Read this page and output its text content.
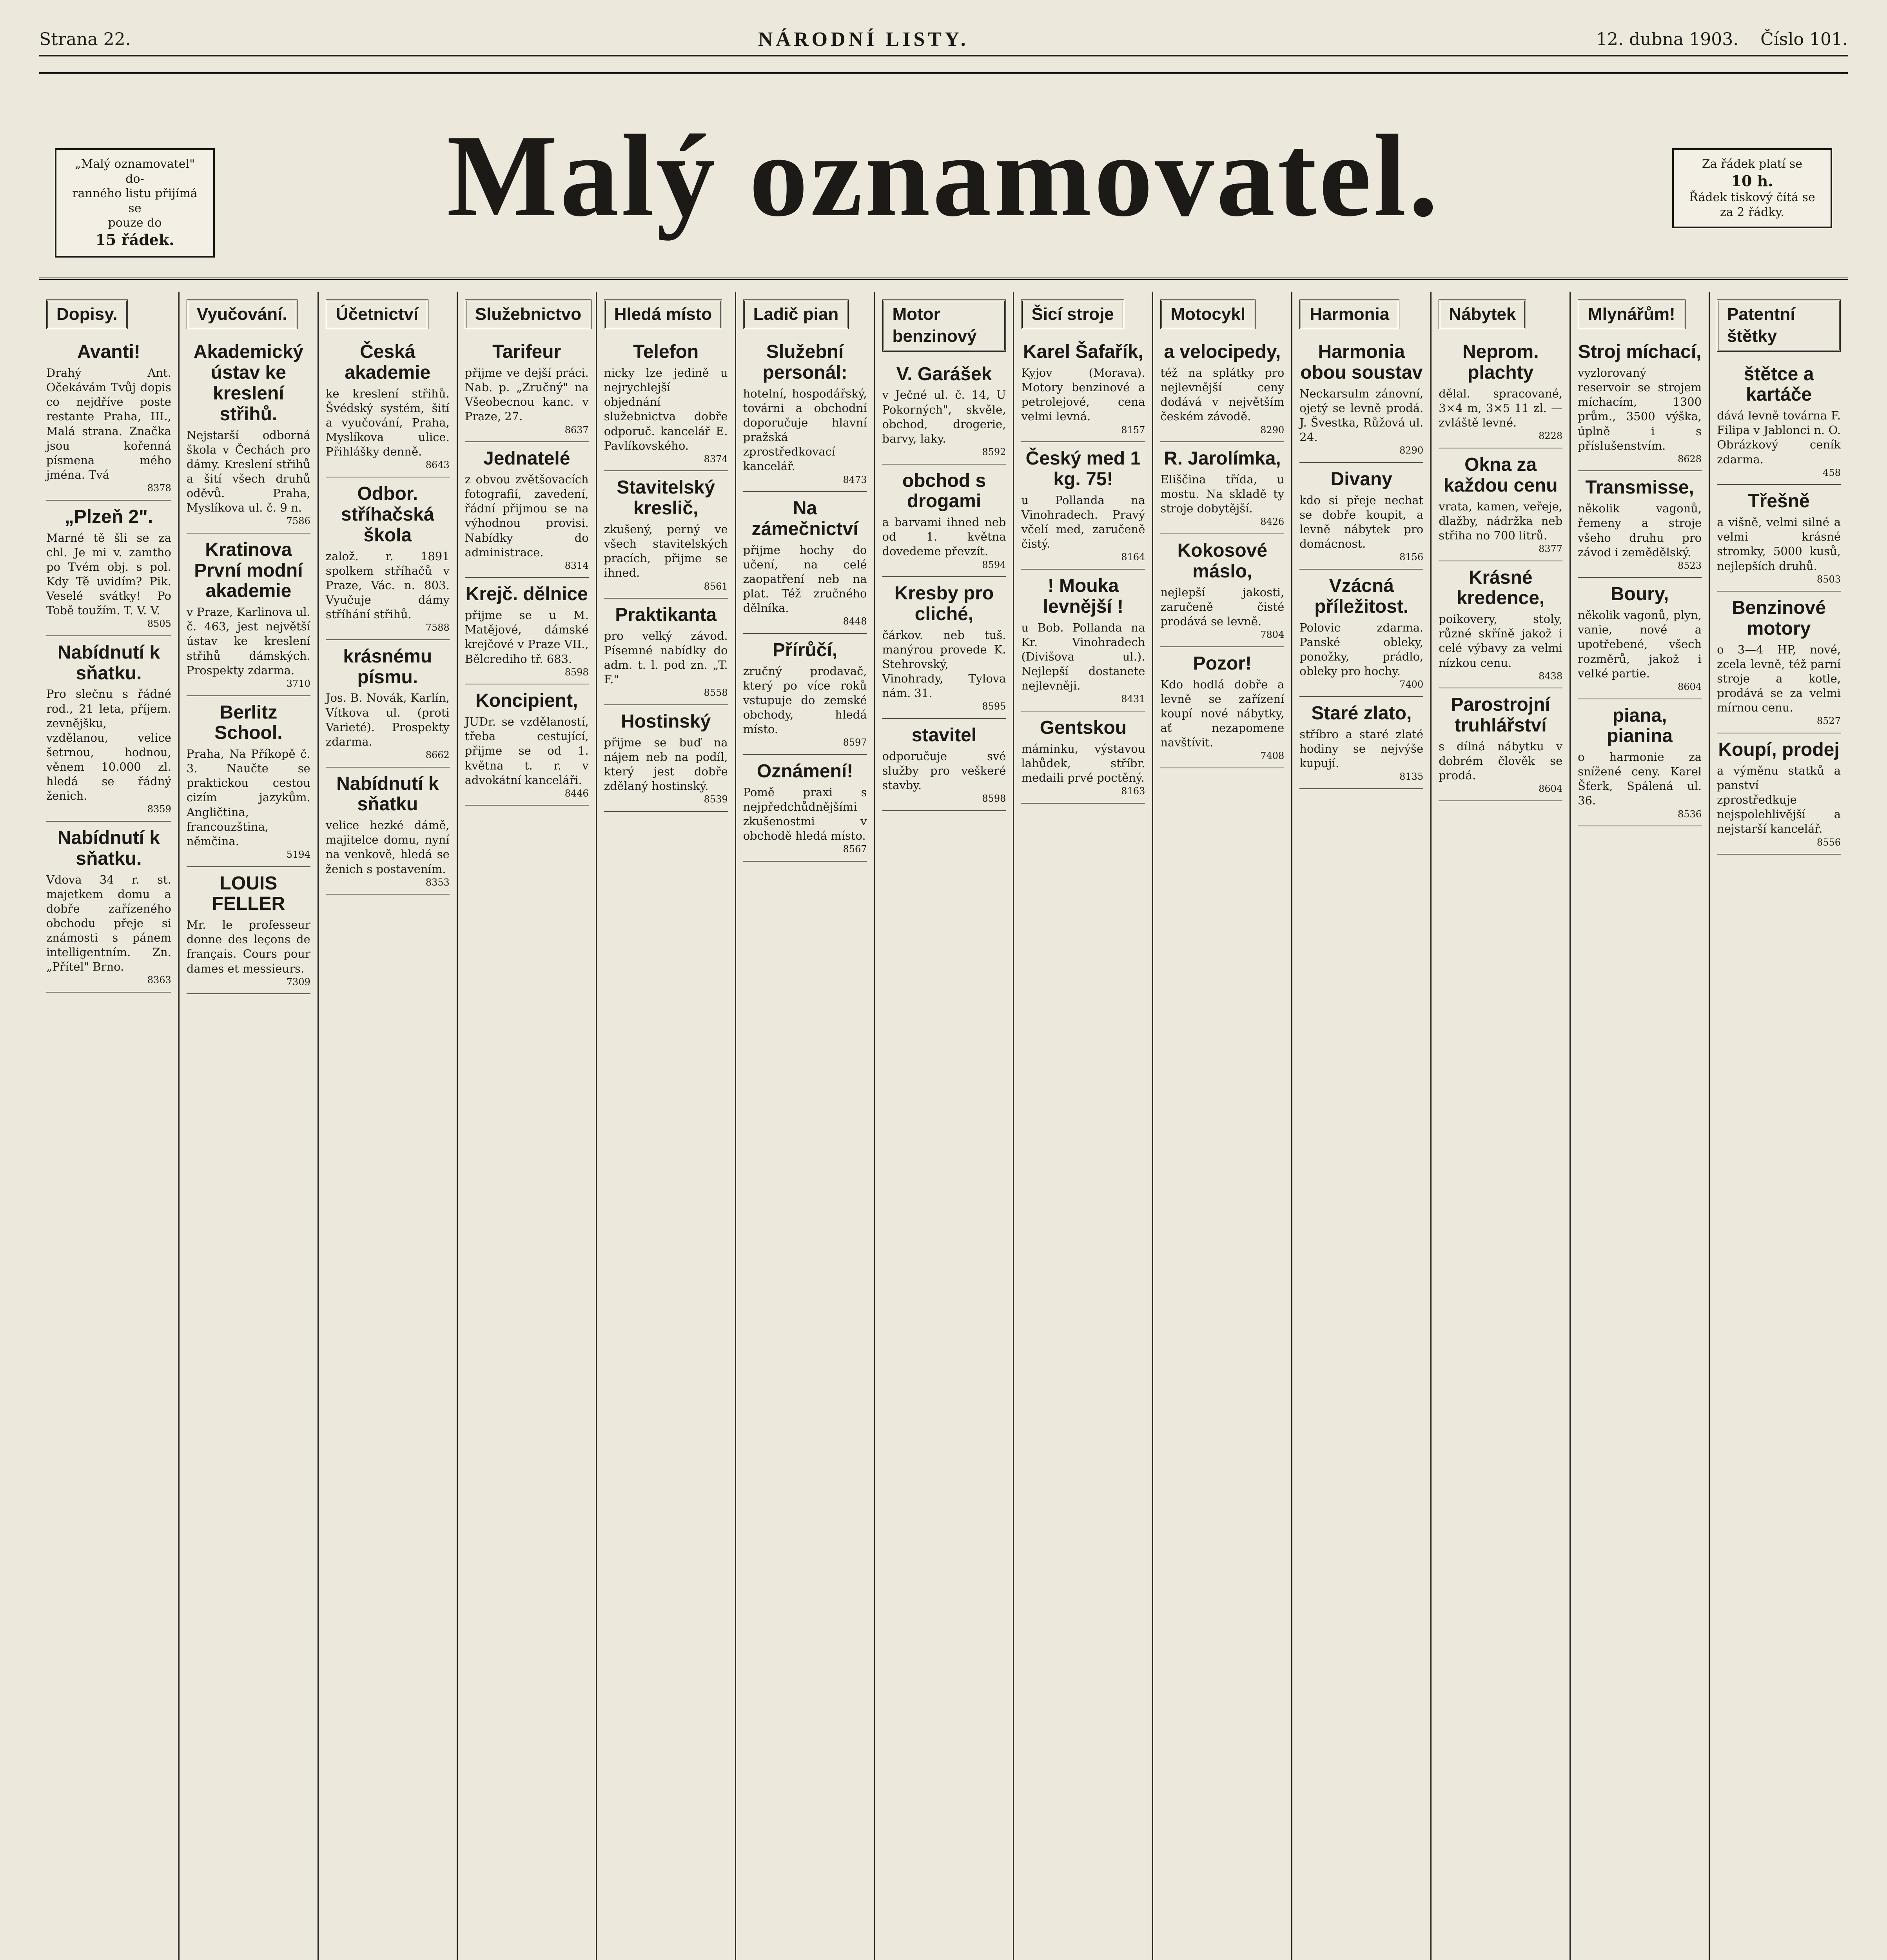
Strana 22.	NÁRODNÍ LISTY.	12. dubna 1903. Číslo 101.
„Malý oznamovatel" do-
ranného listu přijímá se
pouze do
15 řádek. Malý oznamovatel.	Za řádek platí se
10 h.
Řádek tiskový čítá se za 2 řádky.
Dopisy.
Avanti!

Drahý Ant. Očekávám Tvůj dopis co nejdříve poste restante Praha, III., Malá strana. Značka jsou kořenná písmena mého jména. Tvá

8378
„Plzeň 2".

Marné tě šli se za chl. Je mi v. zamtho po Tvém obj. s pol. Kdy Tě uvidím? Pik. Veselé svátky! Po Tobě toužím. T. V. V.

8505
Nabídnutí k sňatku.

Pro slečnu s řádné rod., 21 leta, příjem. zevnějšku, vzdělanou, velice šetrnou, hodnou, věnem 10.000 zl. hledá se řádný ženich.

8359
Nabídnutí k sňatku.

Vdova 34 r. st. majetkem domu a dobře zařízeného obchodu přeje si známosti s pánem intelligentním. Zn. „Přítel" Brno.

8363
Vyučování.
Akademický ústav ke kreslení střihů.

Nejstarší odborná škola v Čechách pro dámy. Kreslení střihů a šití všech druhů oděvů. Praha, Myslíkova ul. č. 9 n.

7586
Kratinova První modní akademie

v Praze, Karlinova ul. č. 463, jest největší ústav ke kreslení střihů dámských. Prospekty zdarma.

3710
Berlitz School.

Praha, Na Příkopě č. 3. Naučte se praktickou cestou cizím jazykům. Angličtina, francouzština, němčina.

5194
LOUIS FELLER

Mr. le professeur donne des leçons de français. Cours pour dames et messieurs.

7309
Účetnictví
Česká akademie

ke kreslení střihů. Švédský systém, šití a vyučování, Praha, Myslíkova ulice. Přihlášky denně.

8643
Odbor. stříhačská škola

založ. r. 1891 spolkem stříhačů v Praze, Vác. n. 803. Vyučuje dámy stříhání střihů.

7588
krásnému písmu.

Jos. B. Novák, Karlín, Vítkova ul. (proti Varieté). Prospekty zdarma.

8662
Nabídnutí k sňatku

velice hezké dámě, majitelce domu, nyní na venkově, hledá se ženich s postavením.

8353
Služebnictvo
Tarifeur

přijme ve dejší práci. Nab. p. „Zručný" na Všeobecnou kanc. v Praze, 27.

8637
Jednatelé

z obvou zvětšovacích fotografií, zavedení, řádní přijmou se na výhodnou provisi. Nabídky do administrace.

8314
Krejč. dělnice

přijme se u M. Matějové, dámské krejčové v Praze VII., Bělcrediho tř. 683.

8598
Koncipient,

JUDr. se vzdělaností, třeba cestující, přijme se od 1. května t. r. v advokátní kanceláři.

8446
Hledá místo
Telefon

nicky lze jedině u nejrychlejší objednání služebnictva dobře odporuč. kancelář E. Pavlíkovského.

8374
Stavitelský kreslič,

zkušený, perný ve všech stavitelských pracích, přijme se ihned.

8561
Praktikanta

pro velký závod. Písemné nabídky do adm. t. l. pod zn. „T. F."

8558
Hostinský

přijme se buď na nájem neb na podíl, který jest dobře zdělaný hostinský.

8539
Ladič pian
Služební personál:

hotelní, hospodářský, továrni a obchodní doporučuje hlavní pražská zprostředkovací kancelář.

8473
Na zámečnictví

přijme hochy do učení, na celé zaopatření neb na plat. Též zručného dělníka.

8448
Přírůčí,

zručný prodavač, který po více roků vstupuje do zemské obchody, hledá místo.

8597
Oznámení!

Pomě praxi s nejpředchůdnějšími zkušenostmi v obchodě hledá místo.

8567
Motor benzinový
V. Garášek

v Ječné ul. č. 14, U Pokorných", skvěle, obchod, drogerie, barvy, laky.

8592
obchod s drogami

a barvami ihned neb od 1. května dovedeme převzít.

8594
Kresby pro cliché,

čárkov. neb tuš. manýrou provede K. Stehrovský, Vinohrady, Tylova nám. 31.

8595
stavitel

odporučuje své služby pro veškeré stavby.

8598
Šicí stroje
Karel Šafařík,

Kyjov (Morava). Motory benzinové a petrolejové, cena velmi levná.

8157
Český med 1 kg. 75!

u Pollanda na Vinohradech. Pravý včelí med, zaručeně čistý.

8164
! Mouka levnější !

u Bob. Pollanda na Kr. Vinohradech (Divišova ul.). Nejlepší dostanete nejlevněji.

8431
Gentskou

máminku, výstavou lahůdek, stříbr. medaili prvé poctěný.

8163
Motocykl
a velocipedy,

též na splátky pro nejlevnější ceny dodává v největším českém závodě.

8290
R. Jarolímka,

Eliščina třída, u mostu. Na skladě ty stroje dobytější.

8426
Kokosové máslo,

nejlepší jakosti, zaručeně čisté prodává se levně.

7804
Pozor!

Kdo hodlá dobře a levně se zařízení koupí nové nábytky, ať nezapomene navštívit.

7408
Harmonia
Harmonia obou soustav

Neckarsulm zánovní, ojetý se levně prodá. J. Švestka, Růžová ul. 24.

8290
Divany

kdo si přeje nechat se dobře koupit, a levně nábytek pro domácnost.

8156
Vzácná příležitost.

Polovic zdarma. Panské obleky, ponožky, prádlo, obleky pro hochy.

7400
Staré zlato,

stříbro a staré zlaté hodiny se nejvýše kupují.

8135
Nábytek
Neprom. plachty

dělal. spracované, 3×4 m, 3×5 11 zl. — zvláště levné.

8228
Okna za každou cenu

vrata, kamen, veřeje, dlažby, nádržka neb střiha no 700 litrů.

8377
Krásné kredence,

poikovery, stoly, různé skříně jakož i celé výbavy za velmi nízkou cenu.

8438
Parostrojní truhlářství

s dílná nábytku v dobrém člověk se prodá.

8604
Mlynářům!
Stroj míchací,

vyzlorovaný reservoir se strojem míchacím, 1300 prům., 3500 výška, úplně i s příslušenstvím.

8628
Transmisse,

několik vagonů, řemeny a stroje všeho druhu pro závod i zemědělský.

8523
Boury,

několik vagonů, plyn, vanie, nové a upotřebené, všech rozměrů, jakož i velké partie.

8604
piana, pianina

o harmonie za snížené ceny. Karel Šťerk, Spálená ul. 36.

8536
Patentní štětky
štětce a kartáče

dává levně továrna F. Filipa v Jablonci n. O. Obrázkový ceník zdarma.

458
Třešně

a višně, velmi silné a velmi krásné stromky, 5000 kusů, nejlepších druhů.

8503
Benzinové motory

o 3—4 HP, nové, zcela levně, též parní stroje a kotle, prodává se za velmi mírnou cenu.

8527
Koupí, prodej

a výměnu statků a panství zprostředkuje nejspolehlivější a nejstarší kancelář.

8556
